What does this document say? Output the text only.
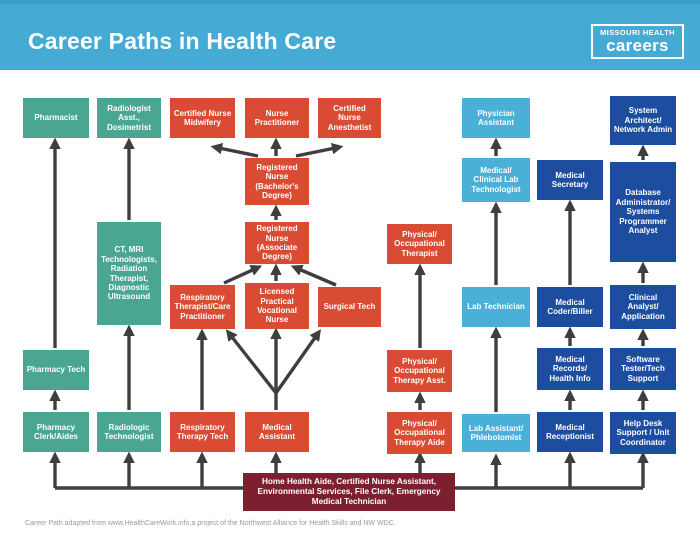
Career Paths in Health Care	MISSOURI HEALTH
careers
Pharmacist
Radiologist Asst., Dosimetrist
Certified Nurse Midwifery
Nurse Practitioner
Certified Nurse Anesthetist
Physician Assistant
System Architect/ Network Admin
Registered Nurse (Bachelor's Degree)
Medical/ Clinical Lab Technologist
Medical Secretary
Database Administrator/ Systems Programmer Analyst
CT, MRI Technologists, Radiation Therapist, Diagnostic Ultrasound
Registered Nurse (Associate Degree)
Physical/ Occupational Therapist
Respiratory Therapist/Care Practitioner
Licensed Practical Vocational Nurse
Surgical Tech	Lab Technician
Medical Coder/Biller
Clinical Analyst/ Application
Pharmacy Tech
Physical/ Occupational Therapy Asst.
Medical Records/ Health Info
Software Tester/Tech Support
Pharmacy Clerk/Aides
Radiologic Technologist
Respiratory Therapy Tech
Medical Assistant
Physical/ Occupational Therapy Aide
Lab Assistant/ Phlebotomist
Medical Receptionist
Help Desk Support / Unit Coordinator
Home Health Aide, Certified Nurse Assistant, Environmental Services, File Clerk, Emergency Medical Technician
Career Path adapted from www.HealthCareWork.info,a project of the Northwest Alliance for Health Skills and NW WDC.
